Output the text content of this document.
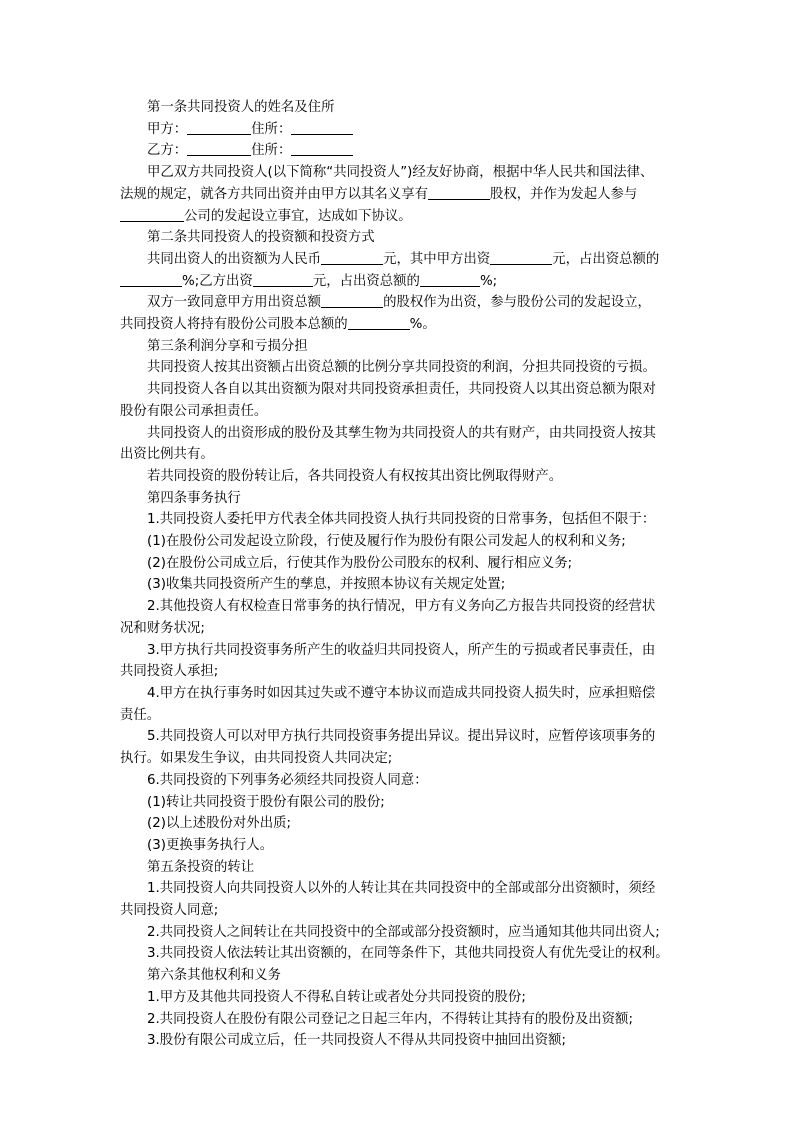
第一条共同投资人的姓名及住所

甲方：	住所：

乙方：	住所：

甲乙双方共同投资人(以下简称“共同投资人”)经友好协商，根据中华人民共和国法律、

法规的规定，就各方共同出资并由甲方以其名义享有	股权，并作为发起人参与

公司的发起设立事宜，达成如下协议。

第二条共同投资人的投资额和投资方式

共同出资人的出资额为人民币	元，其中甲方出资	元，占出资总额的

%;乙方出资	元，占出资总额的	%;

双方一致同意甲方用出资总额	的股权作为出资，参与股份公司的发起设立，

共同投资人将持有股份公司股本总额的	%。

第三条利润分享和亏损分担

共同投资人按其出资额占出资总额的比例分享共同投资的利润，分担共同投资的亏损。

共同投资人各自以其出资额为限对共同投资承担责任，共同投资人以其出资总额为限对

股份有限公司承担责任。

共同投资人的出资形成的股份及其孳生物为共同投资人的共有财产，由共同投资人按其

出资比例共有。

若共同投资的股份转让后，各共同投资人有权按其出资比例取得财产。

第四条事务执行

1.共同投资人委托甲方代表全体共同投资人执行共同投资的日常事务，包括但不限于：

(1)在股份公司发起设立阶段，行使及履行作为股份有限公司发起人的权利和义务;

(2)在股份公司成立后，行使其作为股份公司股东的权利、履行相应义务;

(3)收集共同投资所产生的孳息，并按照本协议有关规定处置;

2.其他投资人有权检查日常事务的执行情况，甲方有义务向乙方报告共同投资的经营状

况和财务状况;

3.甲方执行共同投资事务所产生的收益归共同投资人，所产生的亏损或者民事责任，由

共同投资人承担;

4.甲方在执行事务时如因其过失或不遵守本协议而造成共同投资人损失时，应承担赔偿

责任。

5.共同投资人可以对甲方执行共同投资事务提出异议。提出异议时，应暂停该项事务的

执行。如果发生争议，由共同投资人共同决定;

6.共同投资的下列事务必须经共同投资人同意：

(1)转让共同投资于股份有限公司的股份;

(2)以上述股份对外出质;

(3)更换事务执行人。

第五条投资的转让

1.共同投资人向共同投资人以外的人转让其在共同投资中的全部或部分出资额时，须经

共同投资人同意;

2.共同投资人之间转让在共同投资中的全部或部分投资额时，应当通知其他共同出资人;

3.共同投资人依法转让其出资额的，在同等条件下，其他共同投资人有优先受让的权利。

第六条其他权利和义务

1.甲方及其他共同投资人不得私自转让或者处分共同投资的股份;

2.共同投资人在股份有限公司登记之日起三年内，不得转让其持有的股份及出资额;

3.股份有限公司成立后，任一共同投资人不得从共同投资中抽回出资额;
